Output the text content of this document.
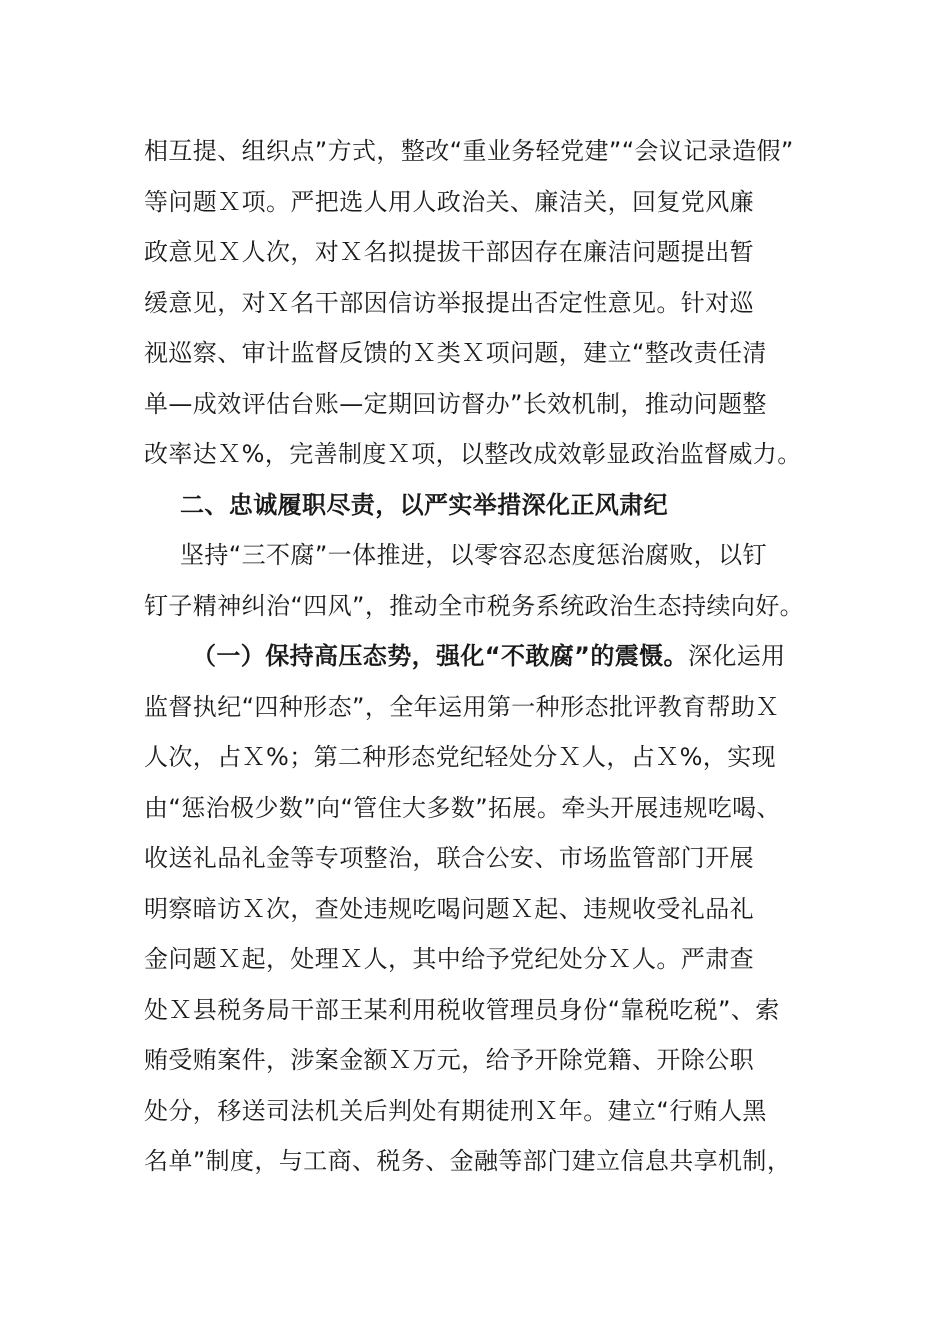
相互提、组织点”方式，整改“重业务轻党建”“会议记录造假”
等问题Ｘ项。严把选人用人政治关、廉洁关，回复党风廉
政意见Ｘ人次，对Ｘ名拟提拔干部因存在廉洁问题提出暂
缓意见，对Ｘ名干部因信访举报提出否定性意见。针对巡
视巡察、审计监督反馈的Ｘ类Ｘ项问题，建立“整改责任清
单—成效评估台账—定期回访督办”长效机制，推动问题整
改率达Ｘ%，完善制度Ｘ项，以整改成效彰显政治监督威力。
二、忠诚履职尽责，以严实举措深化正风肃纪
坚持“三不腐”一体推进，以零容忍态度惩治腐败，以钉
钉子精神纠治“四风”，推动全市税务系统政治生态持续向好。
（一）保持高压态势，强化“不敢腐”的震慑。深化运用
监督执纪“四种形态”，全年运用第一种形态批评教育帮助Ｘ
人次，占Ｘ%；第二种形态党纪轻处分Ｘ人，占Ｘ%，实现
由“惩治极少数”向“管住大多数”拓展。牵头开展违规吃喝、
收送礼品礼金等专项整治，联合公安、市场监管部门开展
明察暗访Ｘ次，查处违规吃喝问题Ｘ起、违规收受礼品礼
金问题Ｘ起，处理Ｘ人，其中给予党纪处分Ｘ人。严肃查
处Ｘ县税务局干部王某利用税收管理员身份“靠税吃税”、索
贿受贿案件，涉案金额Ｘ万元，给予开除党籍、开除公职
处分，移送司法机关后判处有期徒刑Ｘ年。建立“行贿人黑
名单”制度，与工商、税务、金融等部门建立信息共享机制，
